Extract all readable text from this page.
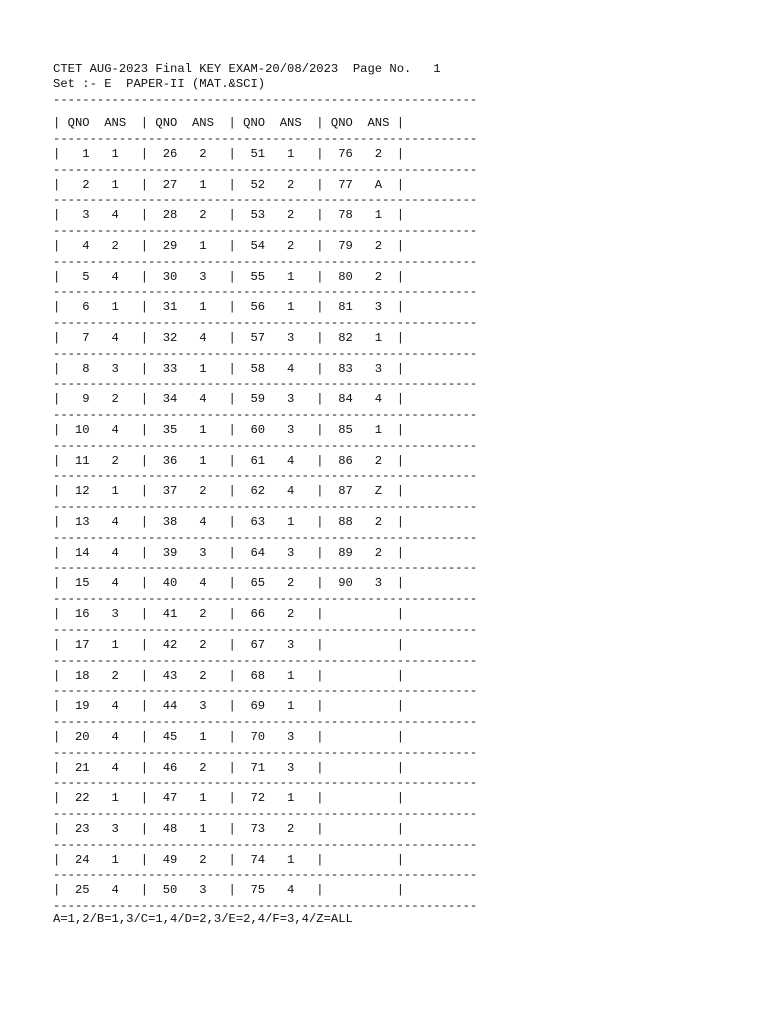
CTET AUG-2023 Final KEY EXAM-20/08/2023  Page No.   1
Set :- E  PAPER-II (MAT.&SCI)
----------------------------------------------------------
| QNO  ANS  | QNO  ANS  | QNO  ANS  | QNO  ANS |
----------------------------------------------------------
|   1   1   |  26   2   |  51   1   |  76   2  |
----------------------------------------------------------
|   2   1   |  27   1   |  52   2   |  77   A  |
----------------------------------------------------------
|   3   4   |  28   2   |  53   2   |  78   1  |
----------------------------------------------------------
|   4   2   |  29   1   |  54   2   |  79   2  |
----------------------------------------------------------
|   5   4   |  30   3   |  55   1   |  80   2  |
----------------------------------------------------------
|   6   1   |  31   1   |  56   1   |  81   3  |
----------------------------------------------------------
|   7   4   |  32   4   |  57   3   |  82   1  |
----------------------------------------------------------
|   8   3   |  33   1   |  58   4   |  83   3  |
----------------------------------------------------------
|   9   2   |  34   4   |  59   3   |  84   4  |
----------------------------------------------------------
|  10   4   |  35   1   |  60   3   |  85   1  |
----------------------------------------------------------
|  11   2   |  36   1   |  61   4   |  86   2  |
----------------------------------------------------------
|  12   1   |  37   2   |  62   4   |  87   Z  |
----------------------------------------------------------
|  13   4   |  38   4   |  63   1   |  88   2  |
----------------------------------------------------------
|  14   4   |  39   3   |  64   3   |  89   2  |
----------------------------------------------------------
|  15   4   |  40   4   |  65   2   |  90   3  |
----------------------------------------------------------
|  16   3   |  41   2   |  66   2   |          |
----------------------------------------------------------
|  17   1   |  42   2   |  67   3   |          |
----------------------------------------------------------
|  18   2   |  43   2   |  68   1   |          |
----------------------------------------------------------
|  19   4   |  44   3   |  69   1   |          |
----------------------------------------------------------
|  20   4   |  45   1   |  70   3   |          |
----------------------------------------------------------
|  21   4   |  46   2   |  71   3   |          |
----------------------------------------------------------
|  22   1   |  47   1   |  72   1   |          |
----------------------------------------------------------
|  23   3   |  48   1   |  73   2   |          |
----------------------------------------------------------
|  24   1   |  49   2   |  74   1   |          |
----------------------------------------------------------
|  25   4   |  50   3   |  75   4   |          |
----------------------------------------------------------
A=1,2/B=1,3/C=1,4/D=2,3/E=2,4/F=3,4/Z=ALL
